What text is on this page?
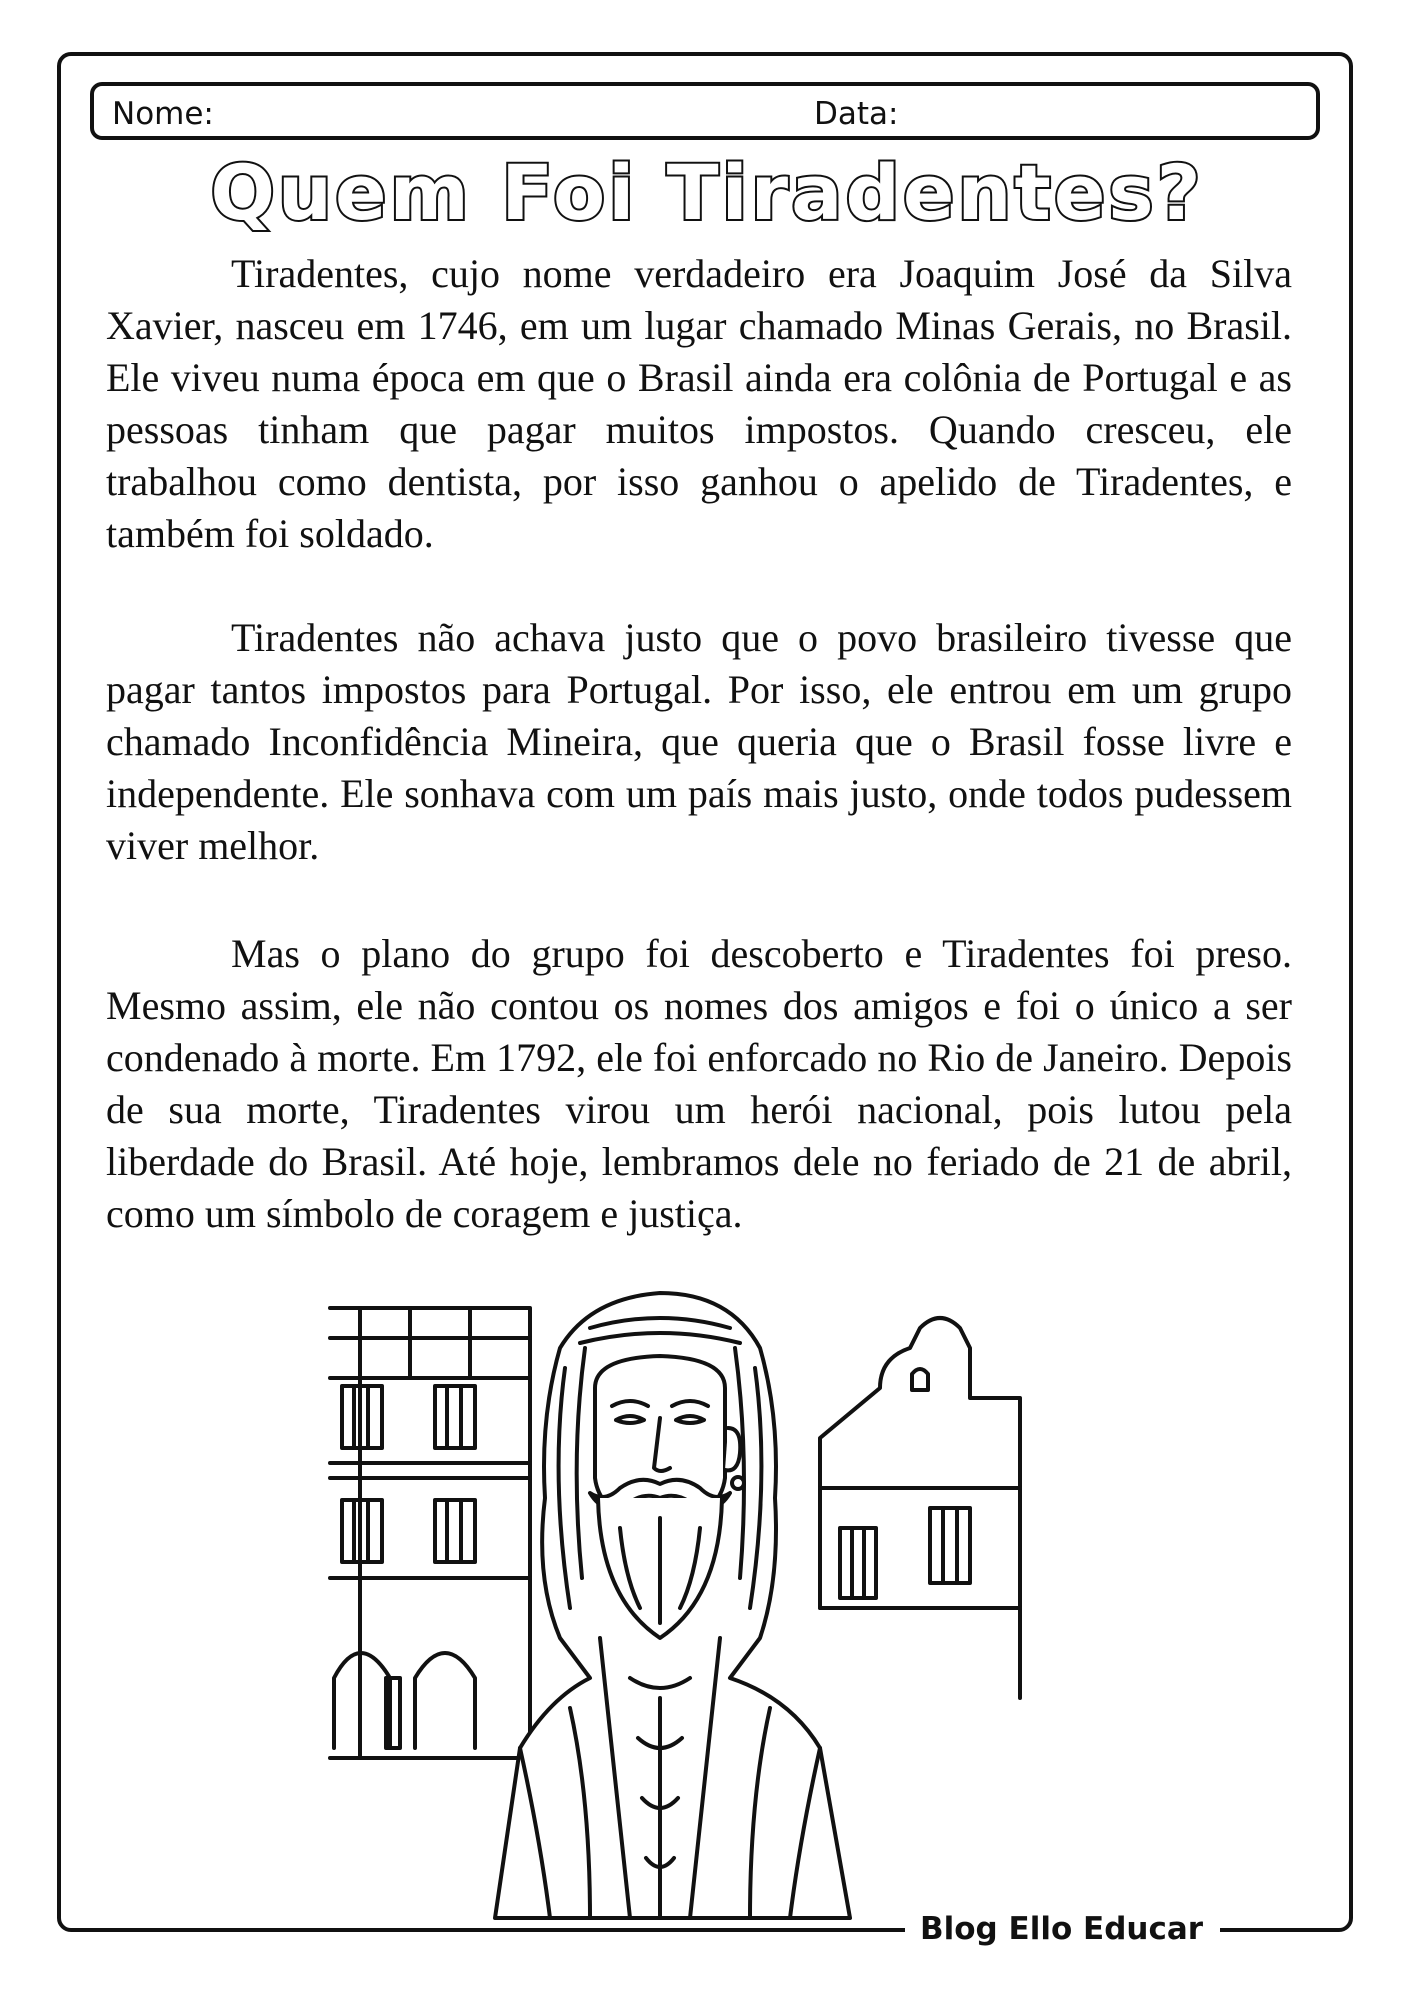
Nome:	Data:
Quem Foi Tiradentes?

Tiradentes, cujo nome verdadeiro era Joaquim José da Silva Xavier, nasceu em 1746, em um lugar chamado Minas Gerais, no Brasil. Ele viveu numa época em que o Brasil ainda era colônia de Portugal e as pessoas tinham que pagar muitos impostos. Quando cresceu, ele trabalhou como dentista, por isso ganhou o apelido de Tiradentes, e também foi soldado.

Tiradentes não achava justo que o povo brasileiro tivesse que pagar tantos impostos para Portugal. Por isso, ele entrou em um grupo chamado Inconfidência Mineira, que queria que o Brasil fosse livre e independente. Ele sonhava com um país mais justo, onde todos pudessem viver melhor.

Mas o plano do grupo foi descoberto e Tiradentes foi preso. Mesmo assim, ele não contou os nomes dos amigos e foi o único a ser condenado à morte. Em 1792, ele foi enforcado no Rio de Janeiro. Depois de sua morte, Tiradentes virou um herói nacional, pois lutou pela liberdade do Brasil. Até hoje, lembramos dele no feriado de 21 de abril, como um símbolo de coragem e justiça.

Blog Ello Educar
